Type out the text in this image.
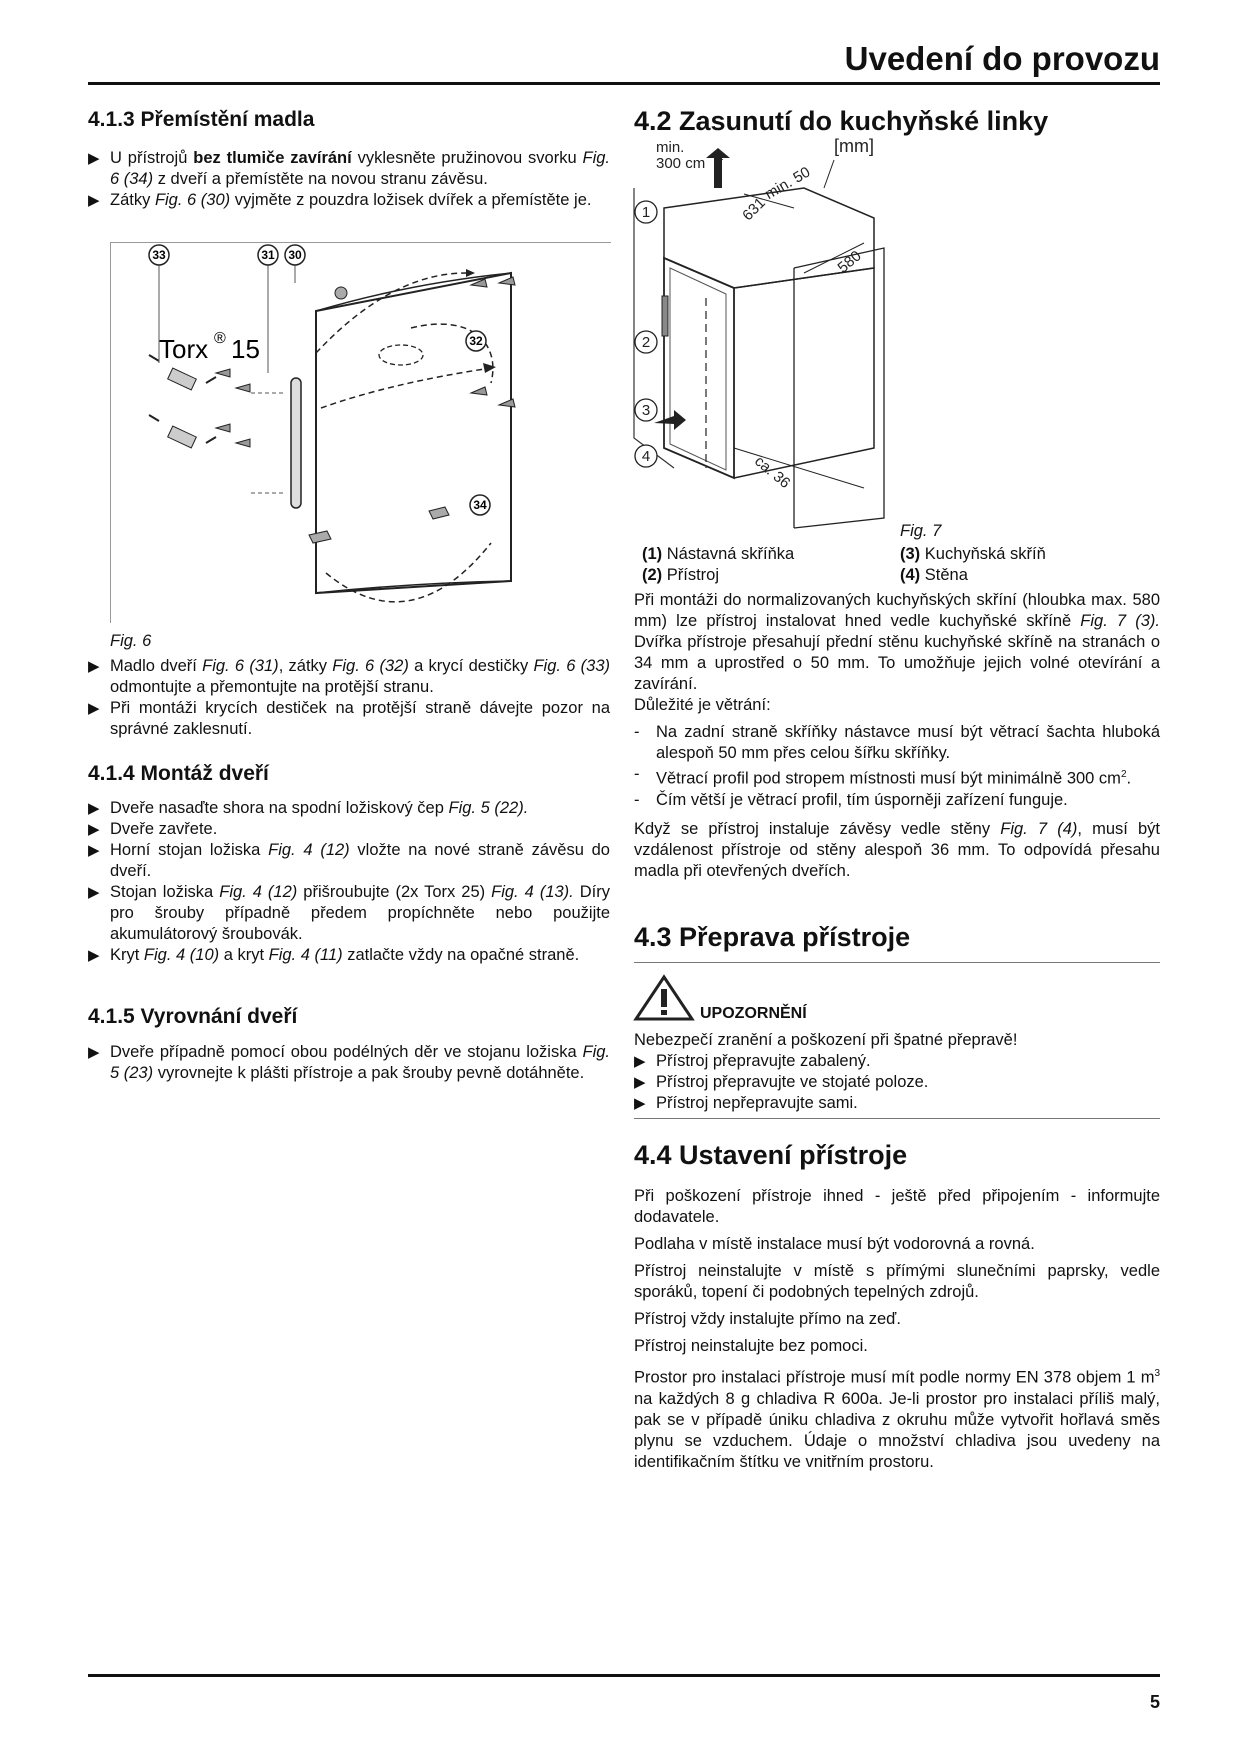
Uvedení do provozu
5
4.1.3 Přemístění madla
▶ U přístrojů bez tlumiče zavírání vyklesněte pružinovou svorku Fig. 6 (34) z dveří a přemístěte na novou stranu závěsu.
▶ Zátky Fig. 6 (30) vyjměte z pouzdra ložisek dvířek a přemístěte je.
33	31 30
32
34
Torx ® 15
Fig. 6
▶ Madlo dveří Fig. 6 (31), zátky Fig. 6 (32) a krycí destičky Fig. 6 (33) odmontujte a přemontujte na protější stranu.
▶ Při montáži krycích destiček na protější straně dávejte pozor na správné zaklesnutí.
4.1.4 Montáž dveří
▶ Dveře nasaďte shora na spodní ložiskový čep Fig. 5 (22).
▶ Dveře zavřete.
▶ Horní stojan ložiska Fig. 4 (12) vložte na nové straně závěsu do dveří.
▶ Stojan ložiska Fig. 4 (12) přišroubujte (2x Torx 25) Fig. 4 (13). Díry pro šrouby případně předem propíchněte nebo použijte akumulátorový šroubovák.
▶ Kryt Fig. 4 (10) a kryt Fig. 4 (11) zatlačte vždy na opačné straně.
4.1.5 Vyrovnání dveří
▶ Dveře případně pomocí obou podélných děr ve stojanu ložiska Fig. 5 (23) vyrovnejte k plášti přístroje a pak šrouby pevně dotáhněte.
4.2 Zasunutí do kuchyňské linky
min.
300 cm 2
[mm]
min. 50
631
580
ca. 36
1
2
3
4
Fig. 7
(1) Nástavná skříňka	(3) Kuchyňská skříň
(2) Přístroj	(4) Stěna

Při montáži do normalizovaných kuchyňských skříní (hloubka max. 580 mm) lze přístroj instalovat hned vedle kuchyňské skříně Fig. 7 (3). Dvířka přístroje přesahují přední stěnu kuchyňské skříně na stranách o 34 mm a uprostřed o 50 mm. To umožňuje jejich volné otevírání a zavírání.

Důležité je větrání:

- Na zadní straně skříňky nástavce musí být větrací šachta hluboká alespoň 50 mm přes celou šířku skříňky.
- Větrací profil pod stropem místnosti musí být minimálně 300 $cm^2$.
- Čím větší je větrací profil, tím úsporněji zařízení funguje.

Když se přístroj instaluje závěsy vedle stěny Fig. 7 (4), musí být vzdálenost přístroje od stěny alespoň 36 mm. To odpovídá přesahu madla při otevřených dveřích.

4.3 Přeprava přístroje
UPOZORNĚNÍ

Nebezpečí zranění a poškození při špatné přepravě!

▶ Přístroj přepravujte zabalený.
▶ Přístroj přepravujte ve stojaté poloze.
▶ Přístroj nepřepravujte sami.
4.4 Ustavení přístroje

Při poškození přístroje ihned - ještě před připojením - informujte dodavatele.

Podlaha v místě instalace musí být vodorovná a rovná.

Přístroj neinstalujte v místě s přímými slunečními paprsky, vedle sporáků, topení či podobných tepelných zdrojů.

Přístroj vždy instalujte přímo na zeď.

Přístroj neinstalujte bez pomoci.

Prostor pro instalaci přístroje musí mít podle normy EN 378 objem 1 $m^3$ na každých 8 g chladiva R 600a. Je-li prostor pro instalaci příliš malý, pak se v případě úniku chladiva z okruhu může vytvořit hořlavá směs plynu se vzduchem. Údaje o množství chladiva jsou uvedeny na identifikačním štítku ve vnitřním prostoru.
